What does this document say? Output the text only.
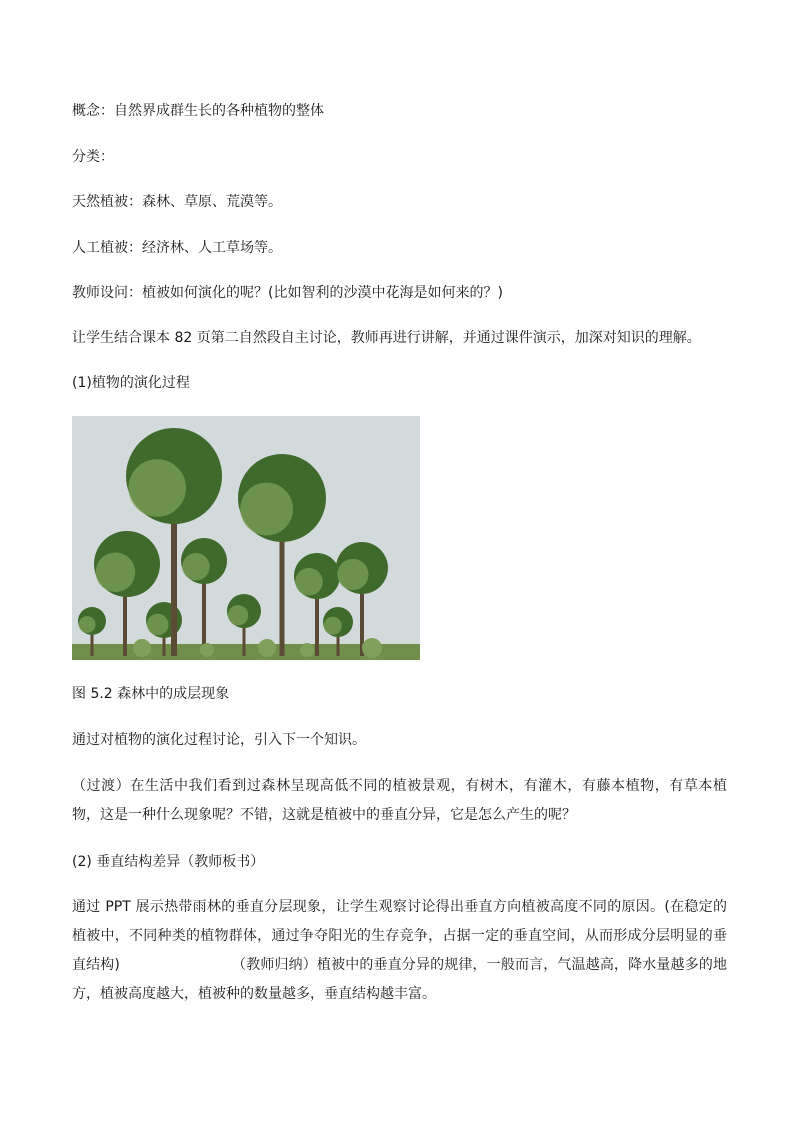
概念：自然界成群生长的各种植物的整体
分类：
天然植被：森林、草原、荒漠等。
人工植被：经济林、人工草场等。
教师设问：植被如何演化的呢？(比如智利的沙漠中花海是如何来的？)
让学生结合课本 82 页第二自然段自主讨论，教师再进行讲解，并通过课件演示，加深对知识的理解。
(1)植物的演化过程
图 5.2 森林中的成层现象
通过对植物的演化过程讨论，引入下一个知识。
（过渡）在生活中我们看到过森林呈现高低不同的植被景观，有树木，有灌木，有藤本植物，有草本植物，这是一种什么现象呢？不错，这就是植被中的垂直分异，它是怎么产生的呢？
(2) 垂直结构差异（教师板书）
通过 PPT 展示热带雨林的垂直分层现象，让学生观察讨论得出垂直方向植被高度不同的原因。(在稳定的植被中，不同种类的植物群体，通过争夺阳光的生存竞争，占据一定的垂直空间，从而形成分层明显的垂直结构)	（教师归纳）植被中的垂直分异的规律，一般而言，气温越高，降水量越多的地方，植被高度越大，植被种的数量越多，垂直结构越丰富。
